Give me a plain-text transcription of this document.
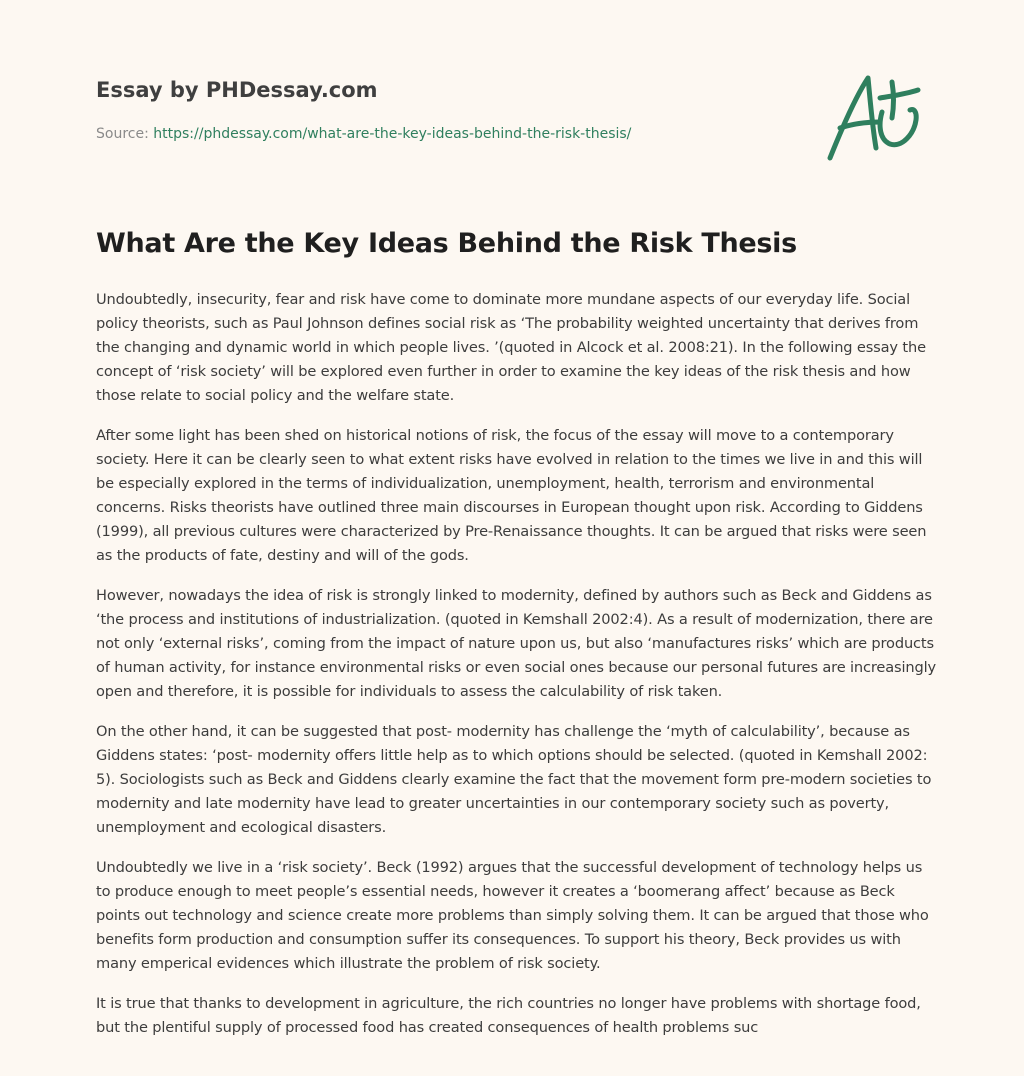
Essay by PHDessay.com
Source: https://phdessay.com/what-are-the-key-ideas-behind-the-risk-thesis/
What Are the Key Ideas Behind the Risk Thesis

Undoubtedly, insecurity, fear and risk have come to dominate more mundane aspects of our everyday life. Social policy theorists, such as Paul Johnson defines social risk as ‘The probability weighted uncertainty that derives from the changing and dynamic world in which people lives. ’(quoted in Alcock et al. 2008:21). In the following essay the concept of ‘risk society’ will be explored even further in order to examine the key ideas of the risk thesis and how those relate to social policy and the welfare state.

After some light has been shed on historical notions of risk, the focus of the essay will move to a contemporary society. Here it can be clearly seen to what extent risks have evolved in relation to the times we live in and this will be especially explored in the terms of individualization, unemployment, health, terrorism and environmental concerns. Risks theorists have outlined three main discourses in European thought upon risk. According to Giddens (1999), all previous cultures were characterized by Pre-Renaissance thoughts. It can be argued that risks were seen as the products of fate, destiny and will of the gods.

However, nowadays the idea of risk is strongly linked to modernity, defined by authors such as Beck and Giddens as ‘the process and institutions of industrialization. (quoted in Kemshall 2002:4). As a result of modernization, there are not only ‘external risks’, coming from the impact of nature upon us, but also ‘manufactures risks’ which are products of human activity, for instance environmental risks or even social ones because our personal futures are increasingly open and therefore, it is possible for individuals to assess the calculability of risk taken.

On the other hand, it can be suggested that post- modernity has challenge the ‘myth of calculability’, because as Giddens states: ‘post- modernity offers little help as to which options should be selected. (quoted in Kemshall 2002: 5). Sociologists such as Beck and Giddens clearly examine the fact that the movement form pre-modern societies to modernity and late modernity have lead to greater uncertainties in our contemporary society such as poverty, unemployment and ecological disasters.

Undoubtedly we live in a ‘risk society’. Beck (1992) argues that the successful development of technology helps us to produce enough to meet people’s essential needs, however it creates a ‘boomerang affect’ because as Beck points out technology and science create more problems than simply solving them. It can be argued that those who benefits form production and consumption suffer its consequences. To support his theory, Beck provides us with many emperical evidences which illustrate the problem of risk society.

It is true that thanks to development in agriculture, the rich countries no longer have problems with shortage food, but the plentiful supply of processed food has created consequences of health problems suc
